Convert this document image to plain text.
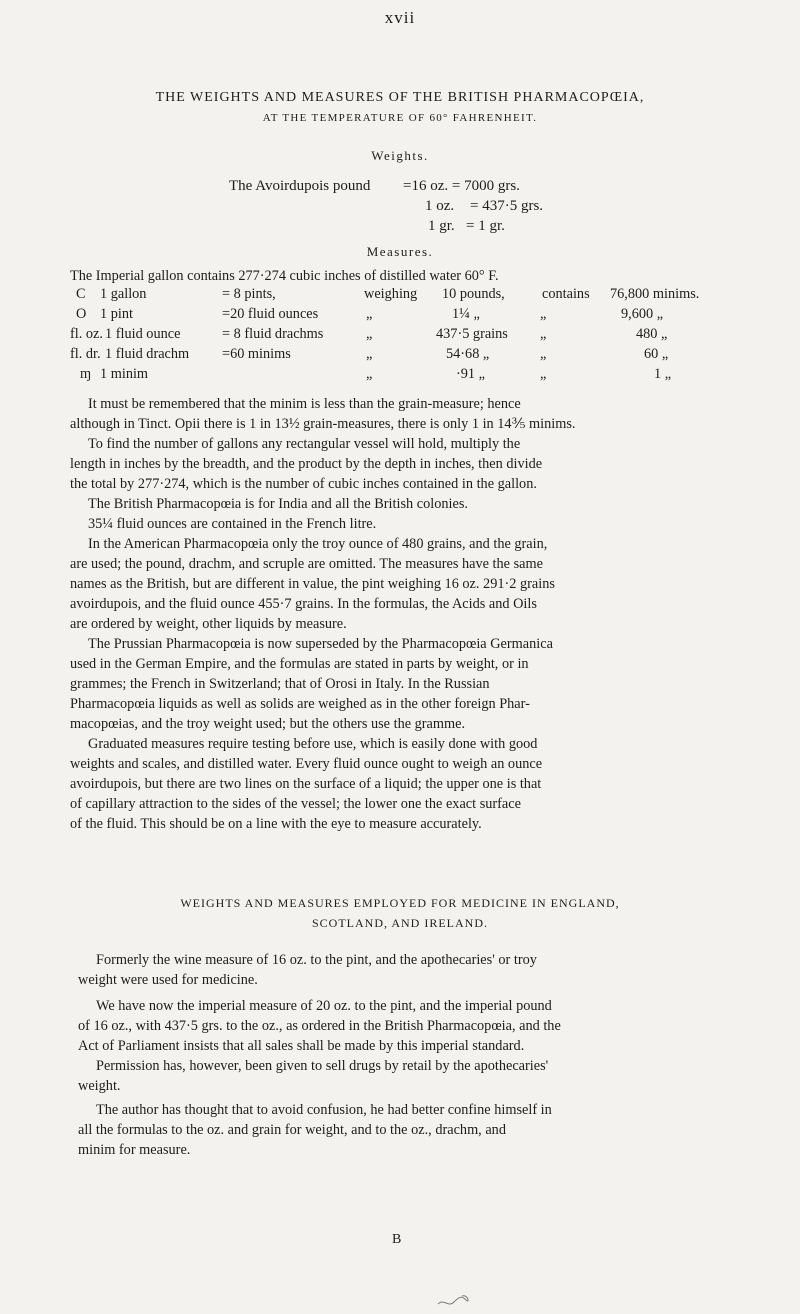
xvii
THE WEIGHTS AND MEASURES OF THE BRITISH PHARMACOPŒIA,
AT THE TEMPERATURE OF 60° FAHRENHEIT.
Weights.
The Avoirdupois pound =16 oz. = 7000 grs.
1 oz. = 437·5 grs.
1 gr. = 1 gr.
Measures.
The Imperial gallon contains 277·274 cubic inches of distilled water 60° F.
C 1 gallon	= 8 pints,	weighing 10 pounds,	contains 76,800 minims.
O 1 pint	=20 fluid ounces	„	1¼ „	„	9,600 „
fl. oz. 1 fluid ounce	= 8 fluid drachms	„	437·5 grains „	480 „
fl. dr. 1 fluid drachm =60 minims	„	54·68 „	„	60 „
ɱ 1 minim	„	·91 „	„	1 „
It must be remembered that the minim is less than the grain-measure; hence
although in Tinct. Opii there is 1 in 13½ grain-measures, there is only 1 in 14⅗ minims.
To find the number of gallons any rectangular vessel will hold, multiply the
length in inches by the breadth, and the product by the depth in inches, then divide
the total by 277·274, which is the number of cubic inches contained in the gallon.
The British Pharmacopœia is for India and all the British colonies.
35¼ fluid ounces are contained in the French litre.
In the American Pharmacopœia only the troy ounce of 480 grains, and the grain,
are used; the pound, drachm, and scruple are omitted. The measures have the same
names as the British, but are different in value, the pint weighing 16 oz. 291·2 grains
avoirdupois, and the fluid ounce 455·7 grains. In the formulas, the Acids and Oils
are ordered by weight, other liquids by measure.
The Prussian Pharmacopœia is now superseded by the Pharmacopœia Germanica
used in the German Empire, and the formulas are stated in parts by weight, or in
grammes; the French in Switzerland; that of Orosi in Italy. In the Russian
Pharmacopœia liquids as well as solids are weighed as in the other foreign Phar-
macopœias, and the troy weight used; but the others use the gramme.
Graduated measures require testing before use, which is easily done with good
weights and scales, and distilled water. Every fluid ounce ought to weigh an ounce
avoirdupois, but there are two lines on the surface of a liquid; the upper one is that
of capillary attraction to the sides of the vessel; the lower one the exact surface
of the fluid. This should be on a line with the eye to measure accurately.
WEIGHTS AND MEASURES EMPLOYED FOR MEDICINE IN ENGLAND,
SCOTLAND, AND IRELAND.
Formerly the wine measure of 16 oz. to the pint, and the apothecaries' or troy
weight were used for medicine.
We have now the imperial measure of 20 oz. to the pint, and the imperial pound
of 16 oz., with 437·5 grs. to the oz., as ordered in the British Pharmacopœia, and the
Act of Parliament insists that all sales shall be made by this imperial standard.
Permission has, however, been given to sell drugs by retail by the apothecaries'
weight.
The author has thought that to avoid confusion, he had better confine himself in
all the formulas to the oz. and grain for weight, and to the oz., drachm, and
minim for measure.
B
